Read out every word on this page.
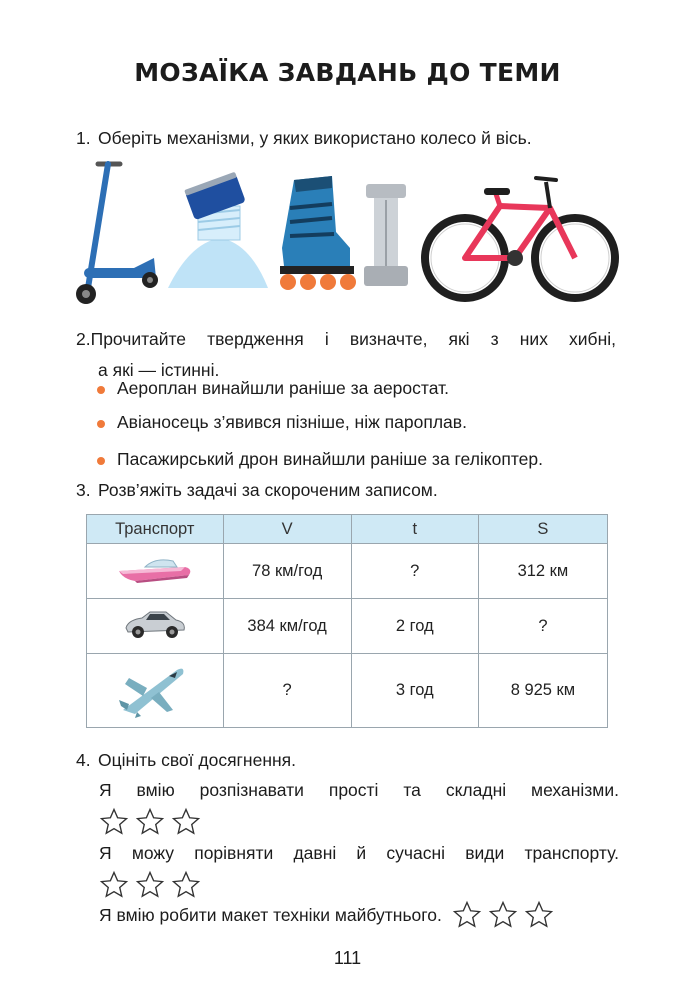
МОЗАЇКА ЗАВДАНЬ ДО ТЕМИ
1. Оберіть механізми, у яких використано колесо й вісь.
2.Прочитайте твердження і визначте, які з них хибні,
а які — істинні.
Аероплан винайшли раніше за аеростат.
Авіаносець з’явився пізніше, ніж пароплав.
Пасажирський дрон винайшли раніше за гелікоптер.
3. Розв’яжіть задачі за скороченим записом.
Транспорт	V	t	S
	78 км/год	?	312 км
	384 км/год	2 год	?
	?	3 год	8 925 км
4. Оцініть свої досягнення.
Я вмію розпізнавати прості та складні механізми.
Я можу порівняти давні й сучасні види транспорту.
Я вмію робити макет техніки майбутнього.
111
